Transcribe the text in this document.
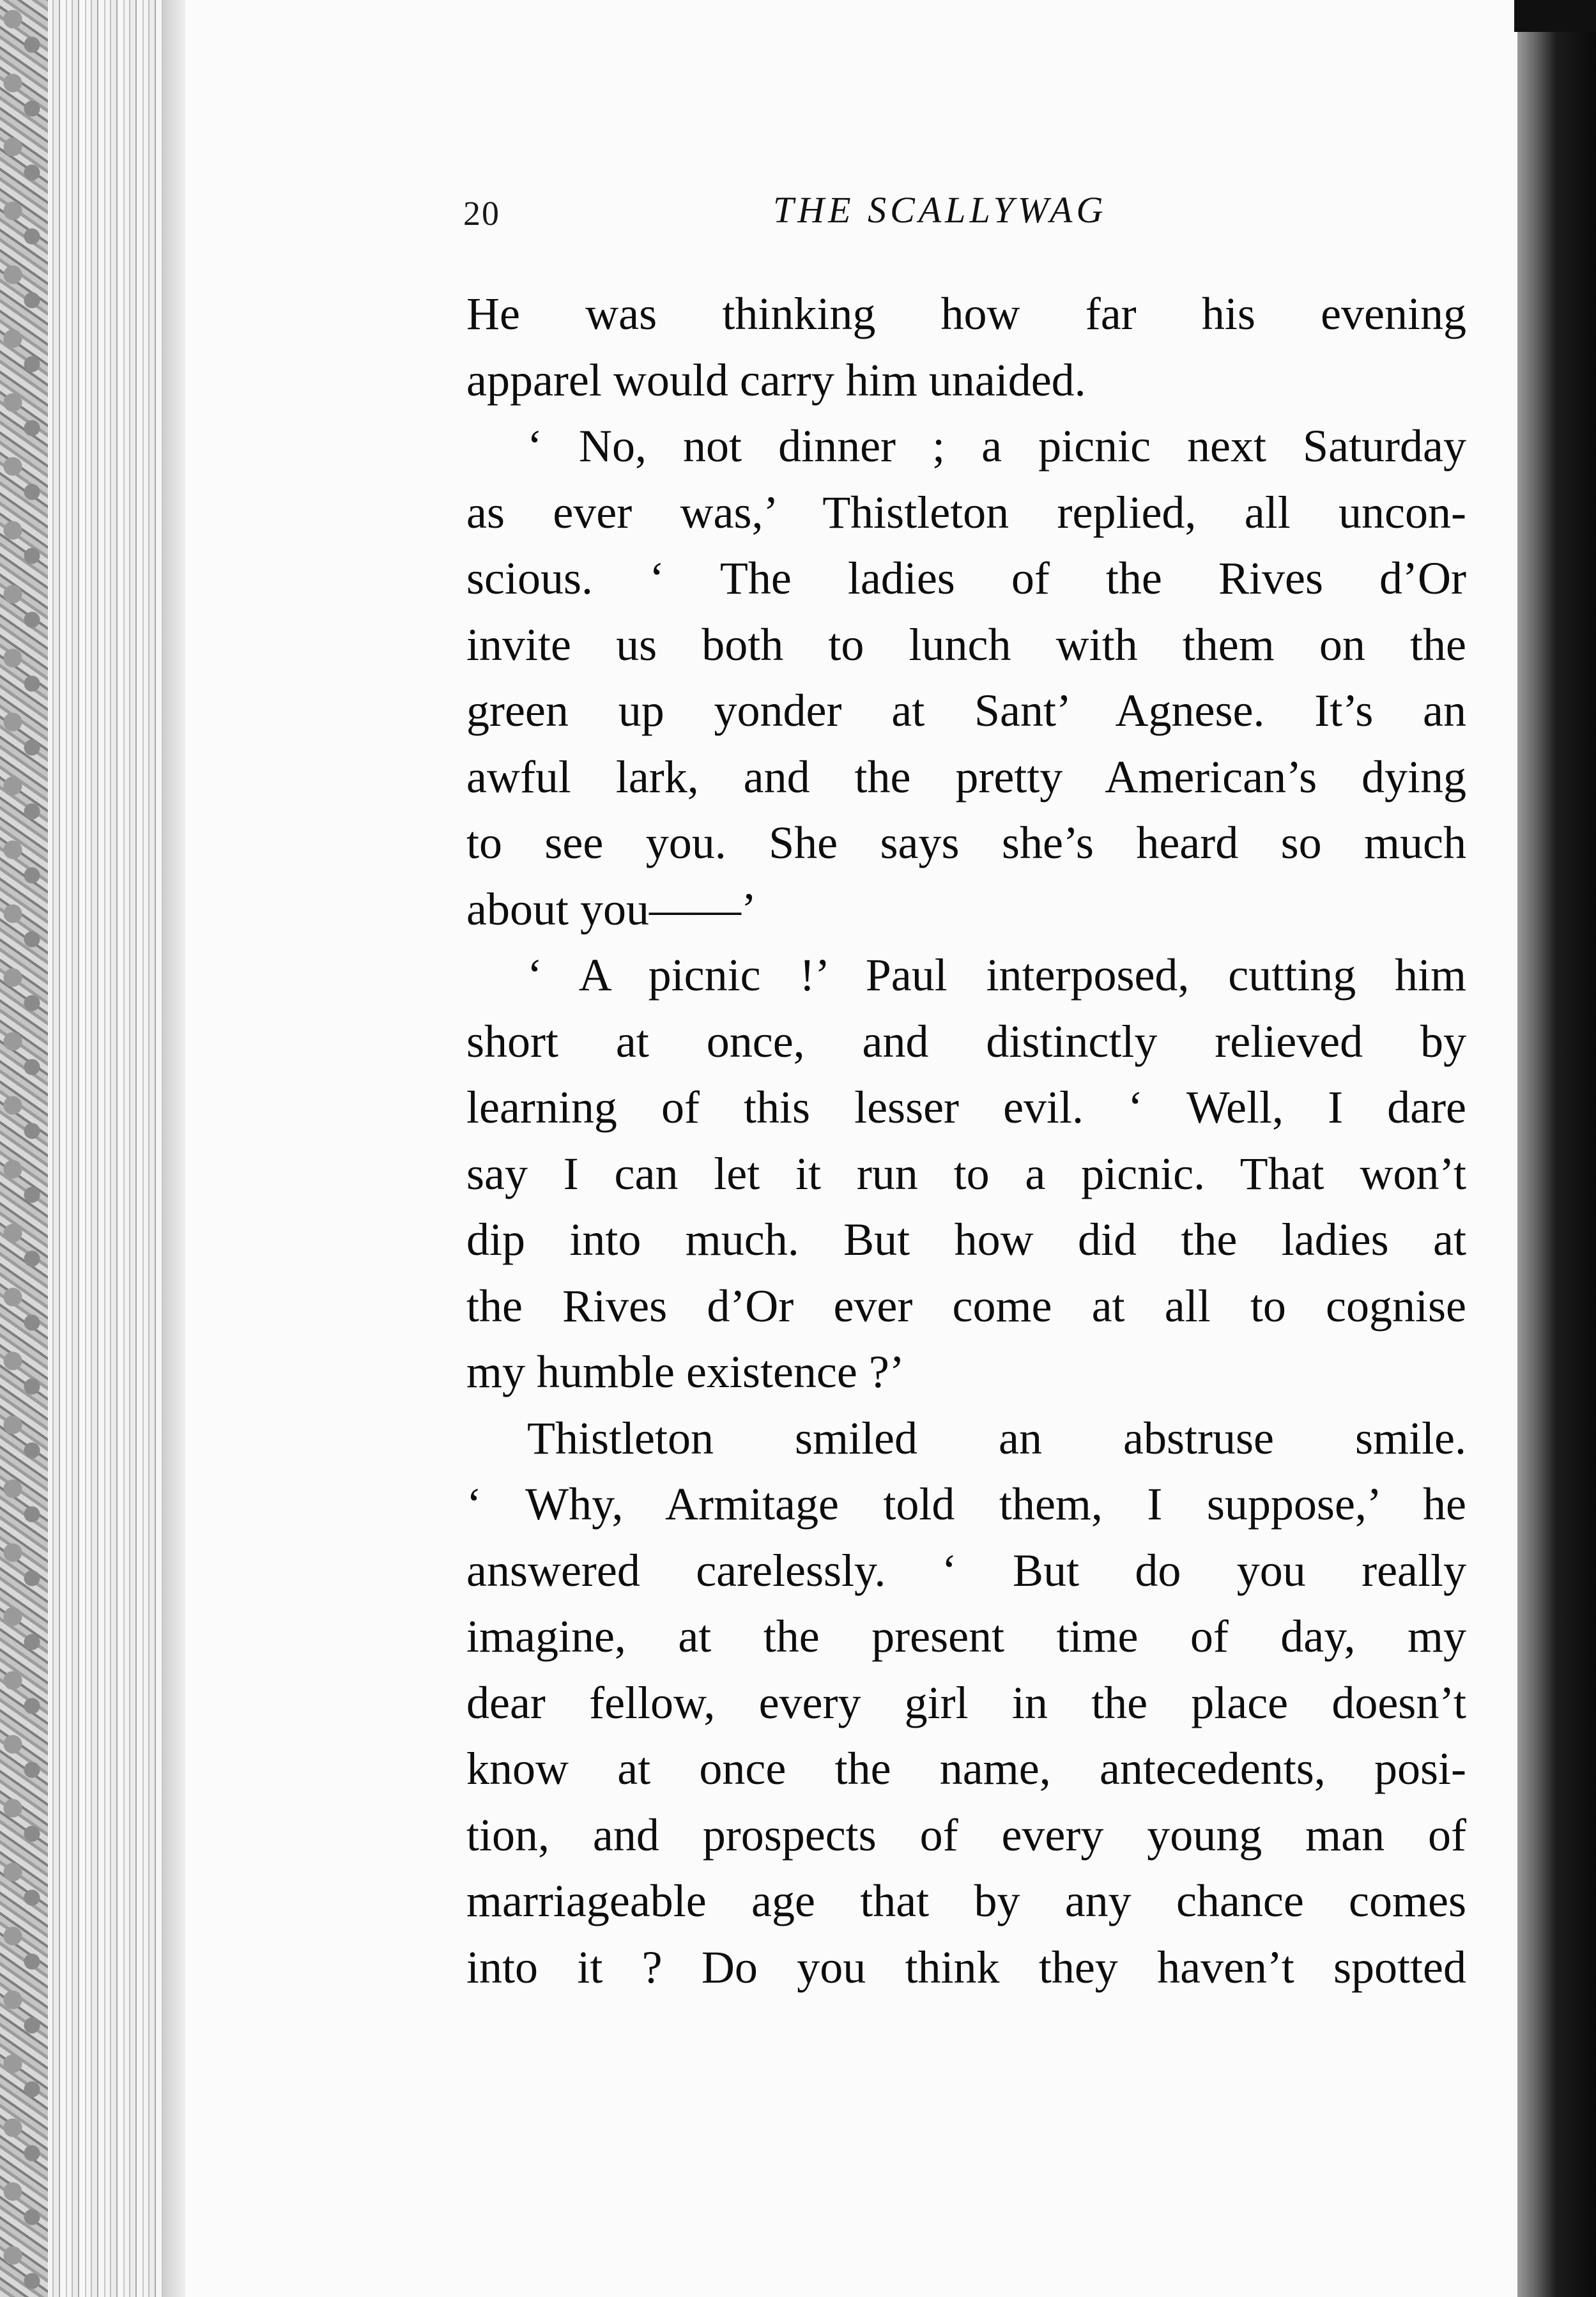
20	THE SCALLYWAG
He was thinking how far his evening
apparel would carry him unaided.
‘ No, not dinner ; a picnic next Saturday
as ever was,’ Thistleton replied, all uncon-
scious. ‘ The ladies of the Rives d’Or
invite us both to lunch with them on the
green up yonder at Sant’ Agnese. It’s an
awful lark, and the pretty American’s dying
to see you. She says she’s heard so much
about you——’
‘ A picnic !’ Paul interposed, cutting him
short at once, and distinctly relieved by
learning of this lesser evil. ‘ Well, I dare
say I can let it run to a picnic. That won’t
dip into much. But how did the ladies at
the Rives d’Or ever come at all to cognise
my humble existence ?’
Thistleton smiled an abstruse smile.
‘ Why, Armitage told them, I suppose,’ he
answered carelessly. ‘ But do you really
imagine, at the present time of day, my
dear fellow, every girl in the place doesn’t
know at once the name, antecedents, posi-
tion, and prospects of every young man of
marriageable age that by any chance comes
into it ? Do you think they haven’t spotted
